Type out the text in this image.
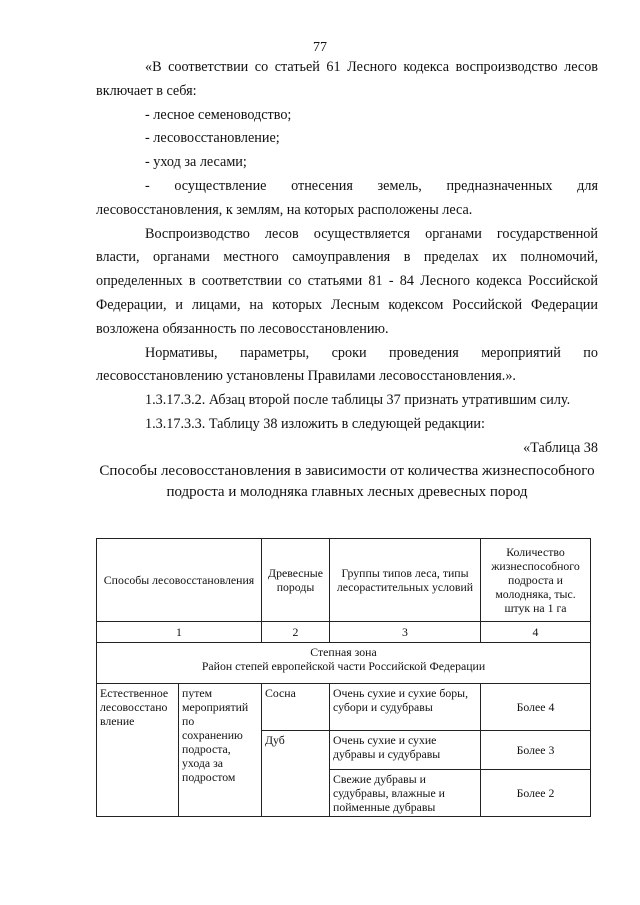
77

«В соответствии со статьей 61 Лесного кодекса воспроизводство лесов включает в себя:

- лесное семеноводство;

- лесовосстановление;

- уход за лесами;

- осуществление отнесения земель, предназначенных для лесовосстановления, к землям, на которых расположены леса.

Воспроизводство лесов осуществляется органами государственной власти, органами местного самоуправления в пределах их полномочий, определенных в соответствии со статьями 81 - 84 Лесного кодекса Российской Федерации, и лицами, на которых Лесным кодексом Российской Федерации возложена обязанность по лесовосстановлению.

Нормативы, параметры, сроки проведения мероприятий по лесовосстановлению установлены Правилами лесовосстановления.».

1.3.17.3.2. Абзац второй после таблицы 37 признать утратившим силу.

1.3.17.3.3. Таблицу 38 изложить в следующей редакции:

«Таблица 38

Способы лесовосстановления в зависимости от количества жизнеспособного подроста и молодняка главных лесных древесных пород

Способы лесовосстановления		Древесные породы	Группы типов леса, типы лесорастительных условий	Количество жизнеспособного подроста и молодняка, тыс. штук на 1 га
1		2	3	4

Степная зона
Район степей европейской части Российской Федерации				

Естественное лесовосстано вление	путем мероприятий по сохранению подроста, ухода за подростом	Сосна	Очень сухие и сухие боры, субори и судубравы	Более 4
		Дуб	Очень сухие и сухие дубравы и судубравы	Более 3
			Свежие дубравы и судубравы, влажные и пойменные дубравы	Более 2
